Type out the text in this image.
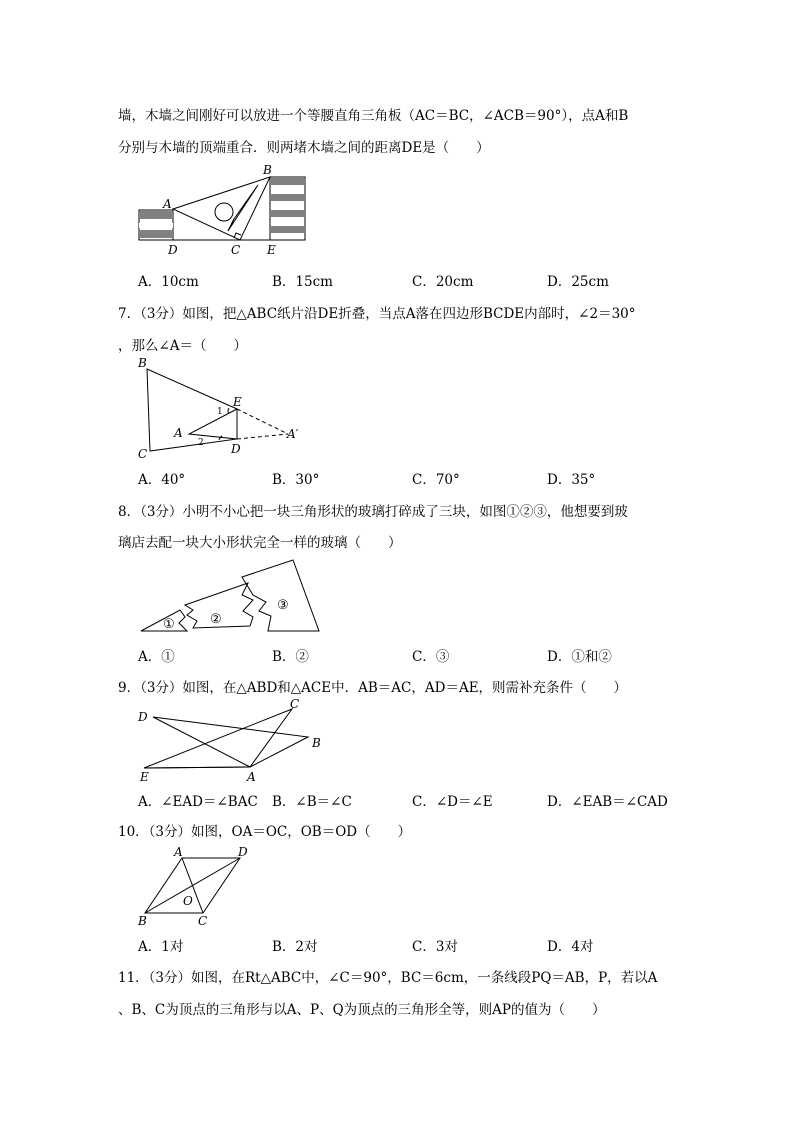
墙，木墙之间刚好可以放进一个等腰直角三角板（AC＝BC，∠ACB＝90°），点A和B
分别与木墙的顶端重合．则两堵木墙之间的距离DE是（　　）
A
B
C
D	E
A．10cm	B．15cm	C．20cm	D．25cm
7．（3分）如图，把△ABC纸片沿DE折叠，当点A落在四边形BCDE内部时，∠2＝30°
，那么∠A＝（　　）
B
E
A	A′
D
C
1
2
A．40°	B．30°	C．70°	D．35°
8．（3分）小明不小心把一块三角形状的玻璃打碎成了三块，如图①②③，他想要到玻
璃店去配一块大小形状完全一样的玻璃（　　）
①	②
③
A．①	B．②	C．③	D．①和②
9．（3分）如图，在△ABD和△ACE中．AB＝AC，AD＝AE，则需补充条件（　　）
D
C
B
E	A
A．∠EAD＝∠BAC B．∠B＝∠C	C．∠D＝∠E	D．∠EAB＝∠CAD
10．（3分）如图，OA＝OC，OB＝OD（　　）
A	D
O
B	C
A．1对	B．2对	C．3对	D．4对
11．（3分）如图，在Rt△ABC中，∠C＝90°，BC＝6cm，一条线段PQ＝AB，P，若以A
、B、C为顶点的三角形与以A、P、Q为顶点的三角形全等，则AP的值为（　　）
